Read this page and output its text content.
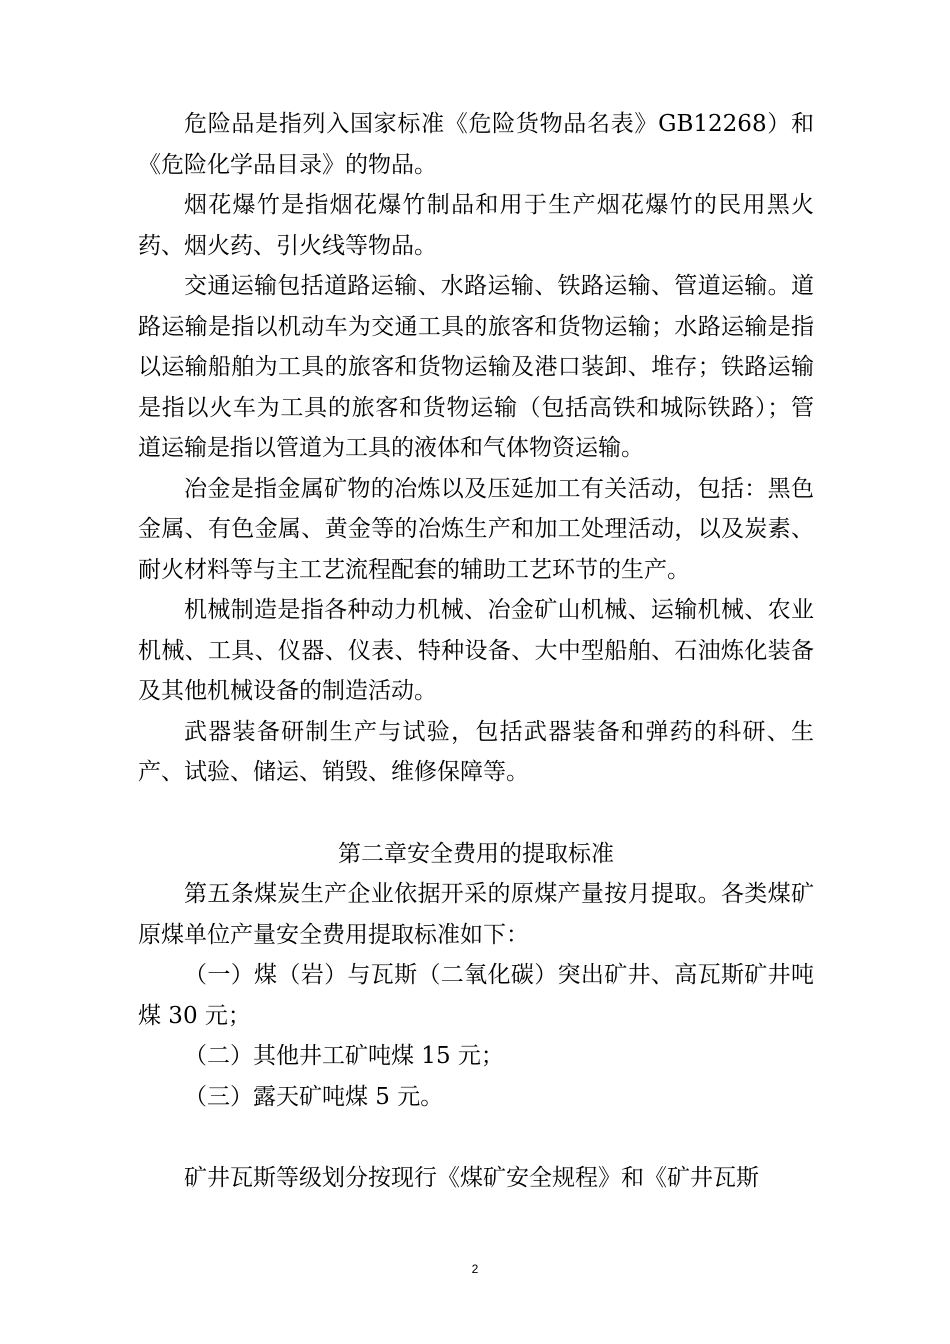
危险品是指列入国家标准《危险货物品名表》GB12268）和《危险化学品目录》的物品。

烟花爆竹是指烟花爆竹制品和用于生产烟花爆竹的民用黑火药、烟火药、引火线等物品。

交通运输包括道路运输、水路运输、铁路运输、管道运输。道路运输是指以机动车为交通工具的旅客和货物运输；水路运输是指以运输船舶为工具的旅客和货物运输及港口装卸、堆存；铁路运输是指以火车为工具的旅客和货物运输（包括高铁和城际铁路）；管道运输是指以管道为工具的液体和气体物资运输。

冶金是指金属矿物的冶炼以及压延加工有关活动，包括：黑色金属、有色金属、黄金等的冶炼生产和加工处理活动，以及炭素、耐火材料等与主工艺流程配套的辅助工艺环节的生产。

机械制造是指各种动力机械、冶金矿山机械、运输机械、农业机械、工具、仪器、仪表、特种设备、大中型船舶、石油炼化装备及其他机械设备的制造活动。

武器装备研制生产与试验，包括武器装备和弹药的科研、生产、试验、储运、销毁、维修保障等。

第二章安全费用的提取标准

第五条煤炭生产企业依据开采的原煤产量按月提取。各类煤矿原煤单位产量安全费用提取标准如下：

（一）煤（岩）与瓦斯（二氧化碳）突出矿井、高瓦斯矿井吨煤 30 元；

（二）其他井工矿吨煤 15 元；

（三）露天矿吨煤 5 元。

矿井瓦斯等级划分按现行《煤矿安全规程》和《矿井瓦斯

2
